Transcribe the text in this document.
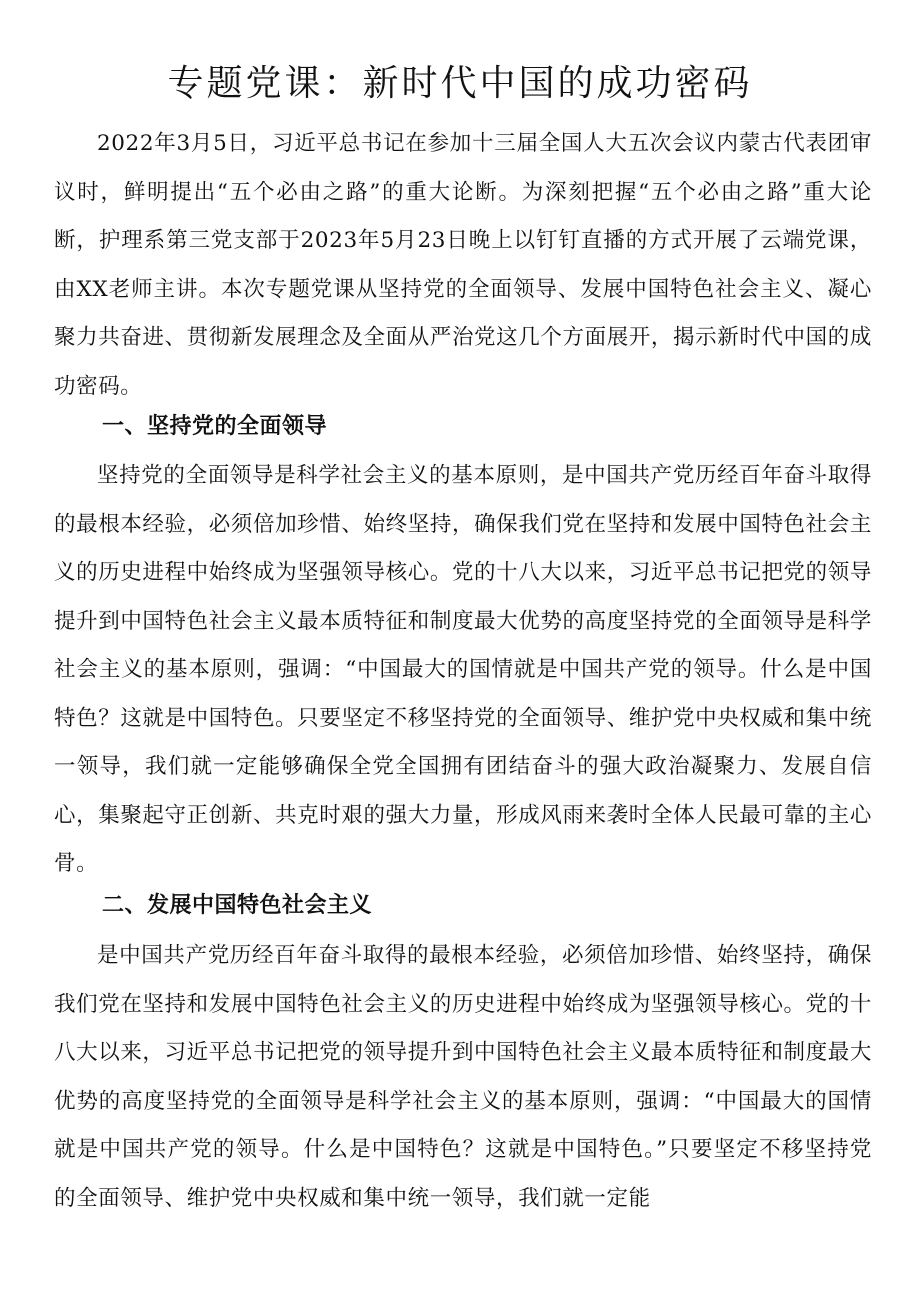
专题党课：新时代中国的成功密码

2022年3月5日，习近平总书记在参加十三届全国人大五次会议内蒙古代表团审议时，鲜明提出“五个必由之路”的重大论断。为深刻把握“五个必由之路”重大论断，护理系第三党支部于2023年5月23日晚上以钉钉直播的方式开展了云端党课，由XX老师主讲。本次专题党课从坚持党的全面领导、发展中国特色社会主义、凝心聚力共奋进、贯彻新发展理念及全面从严治党这几个方面展开，揭示新时代中国的成功密码。

一、坚持党的全面领导

坚持党的全面领导是科学社会主义的基本原则，是中国共产党历经百年奋斗取得的最根本经验，必须倍加珍惜、始终坚持，确保我们党在坚持和发展中国特色社会主义的历史进程中始终成为坚强领导核心。党的十八大以来，习近平总书记把党的领导提升到中国特色社会主义最本质特征和制度最大优势的高度坚持党的全面领导是科学社会主义的基本原则，强调：“中国最大的国情就是中国共产党的领导。什么是中国特色？这就是中国特色。只要坚定不移坚持党的全面领导、维护党中央权威和集中统一领导，我们就一定能够确保全党全国拥有团结奋斗的强大政治凝聚力、发展自信心，集聚起守正创新、共克时艰的强大力量，形成风雨来袭时全体人民最可靠的主心骨。

二、发展中国特色社会主义

是中国共产党历经百年奋斗取得的最根本经验，必须倍加珍惜、始终坚持，确保我们党在坚持和发展中国特色社会主义的历史进程中始终成为坚强领导核心。党的十八大以来，习近平总书记把党的领导提升到中国特色社会主义最本质特征和制度最大优势的高度坚持党的全面领导是科学社会主义的基本原则，强调：“中国最大的国情就是中国共产党的领导。什么是中国特色？这就是中国特色。”只要坚定不移坚持党的全面领导、维护党中央权威和集中统一领导，我们就一定能
